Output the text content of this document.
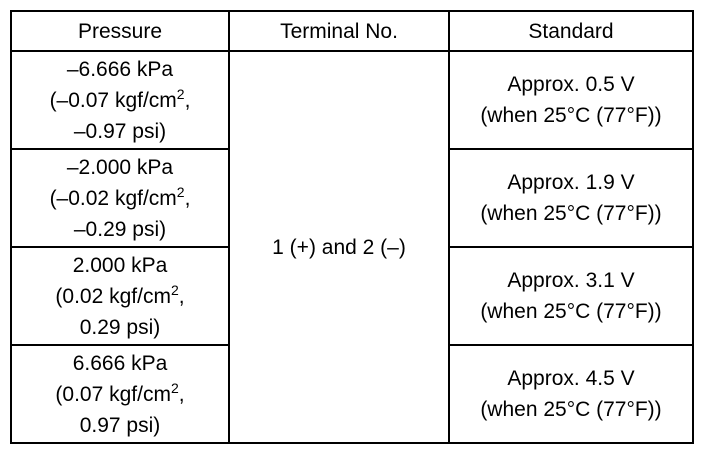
Pressure	Terminal No.	Standard

–6.666 kPa
(–0.07 kgf/$cm^2$,
–0.97 psi)	1 (+) and 2 (–)	Approx. 0.5 V
(when 25°C (77°F))

–2.000 kPa
(–0.02 kgf/$cm^2$,
–0.29 psi)		Approx. 1.9 V
(when 25°C (77°F))

2.000 kPa
(0.02 kgf/$cm^2$,
0.29 psi)		Approx. 3.1 V
(when 25°C (77°F))

6.666 kPa
(0.07 kgf/$cm^2$,
0.97 psi)		Approx. 4.5 V
(when 25°C (77°F))
